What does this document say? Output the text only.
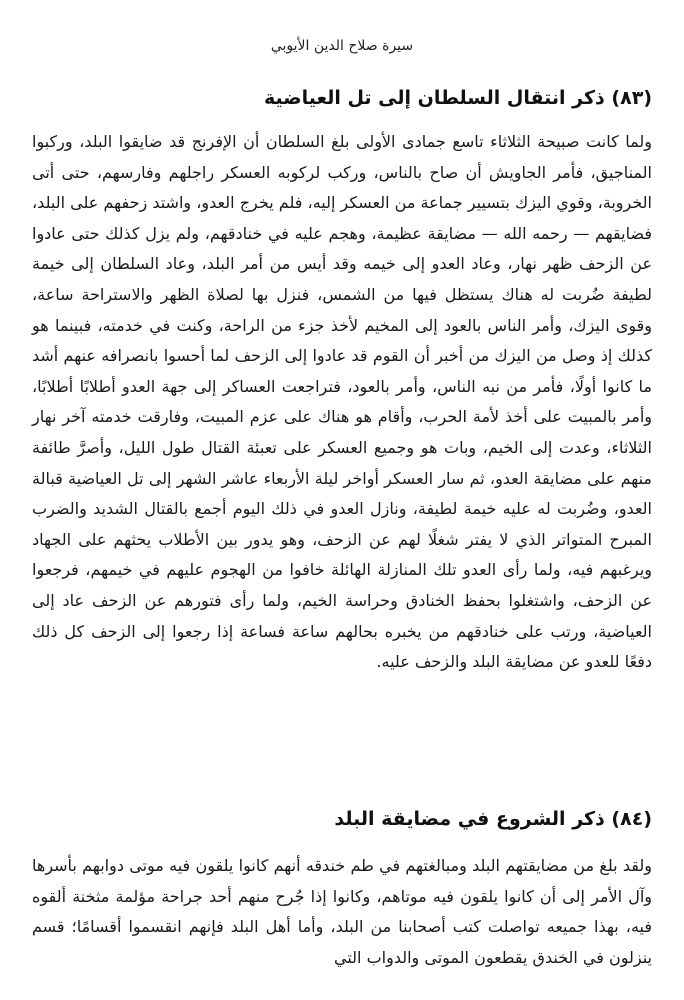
سيرة صلاح الدين الأيوبي
(٨٣) ذكر انتقال السلطان إلى تل العياضية

ولما كانت صبيحة الثلاثاء تاسع جمادى الأولى بلغ السلطان أن الإفرنج قد ضايقوا البلد، وركبوا المناجيق، فأمر الجاويش أن صاح بالناس، وركب لركوبه العسكر راجلهم وفارسهم، حتى أتى الخروبة، وقوي اليزك بتسيير جماعة من العسكر إليه، فلم يخرج العدو، واشتد زحفهم على البلد، فضايقهم — رحمه الله — مضايقة عظيمة، وهجم عليه في خنادقهم، ولم يزل كذلك حتى عادوا عن الزحف ظهر نهار، وعاد العدو إلى خيمه وقد أيس من أمر البلد، وعاد السلطان إلى خيمة لطيفة ضُربت له هناك يستظل فيها من الشمس، فنزل بها لصلاة الظهر والاستراحة ساعة، وقوى اليزك، وأمر الناس بالعود إلى المخيم لأخذ جزء من الراحة، وكنت في خدمته، فبينما هو كذلك إذ وصل من اليزك من أخبر أن القوم قد عادوا إلى الزحف لما أحسوا بانصرافه عنهم أشد ما كانوا أولًا، فأمر من نبه الناس، وأمر بالعود، فتراجعت العساكر إلى جهة العدو أطلابًا أطلابًا، وأمر بالمبيت على أخذ لأمة الحرب، وأقام هو هناك على عزم المبيت، وفارقت خدمته آخر نهار الثلاثاء، وعدت إلى الخيم، وبات هو وجميع العسكر على تعبئة القتال طول الليل، وأصرَّ طائفة منهم على مضايقة العدو، ثم سار العسكر أواخر ليلة الأربعاء عاشر الشهر إلى تل العياضية قبالة العدو، وضُربت له عليه خيمة لطيفة، ونازل العدو في ذلك اليوم أجمع بالقتال الشديد والضرب المبرح المتواتر الذي لا يفتر شغلًا لهم عن الزحف، وهو يدور بين الأطلاب يحثهم على الجهاد ويرغبهم فيه، ولما رأى العدو تلك المنازلة الهائلة خافوا من الهجوم عليهم في خيمهم، فرجعوا عن الزحف، واشتغلوا بحفظ الخنادق وحراسة الخيم، ولما رأى فتورهم عن الزحف عاد إلى العياضية، ورتب على خنادقهم من يخبره بحالهم ساعة فساعة إذا رجعوا إلى الزحف كل ذلك دفعًا للعدو عن مضايقة البلد والزحف عليه.

(٨٤) ذكر الشروع في مضايقة البلد

ولقد بلغ من مضايقتهم البلد ومبالغتهم في طم خندقه أنهم كانوا يلقون فيه موتى دوابهم بأسرها وآل الأمر إلى أن كانوا يلقون فيه موتاهم، وكانوا إذا جُرح منهم أحد جراحة مؤلمة مثخنة ألقوه فيه، بهذا جميعه تواصلت كتب أصحابنا من البلد، وأما أهل البلد فإنهم انقسموا أقسامًا؛ قسم ينزلون في الخندق يقطعون الموتى والدواب التي
